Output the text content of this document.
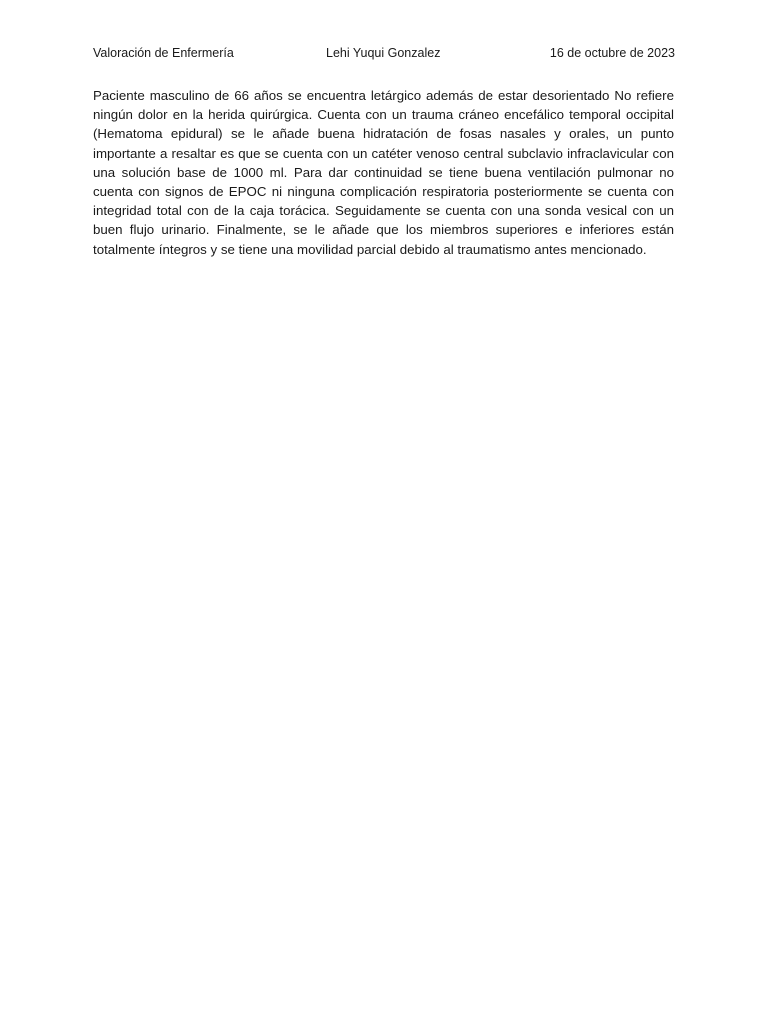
Valoración de Enfermería	Lehi Yuqui Gonzalez	16 de octubre de 2023

Paciente masculino de 66 años se encuentra letárgico además de estar desorientado No refiere ningún dolor en la herida quirúrgica. Cuenta con un trauma cráneo encefálico temporal occipital (Hematoma epidural) se le añade buena hidratación de fosas nasales y orales, un punto importante a resaltar es que se cuenta con un catéter venoso central subclavio infraclavicular con una solución base de 1000 ml. Para dar continuidad se tiene buena ventilación pulmonar no cuenta con signos de EPOC ni ninguna complicación respiratoria posteriormente se cuenta con integridad total con de la caja torácica. Seguidamente se cuenta con una sonda vesical con un buen flujo urinario. Finalmente, se le añade que los miembros superiores e inferiores están totalmente íntegros y se tiene una movilidad parcial debido al traumatismo antes mencionado.
